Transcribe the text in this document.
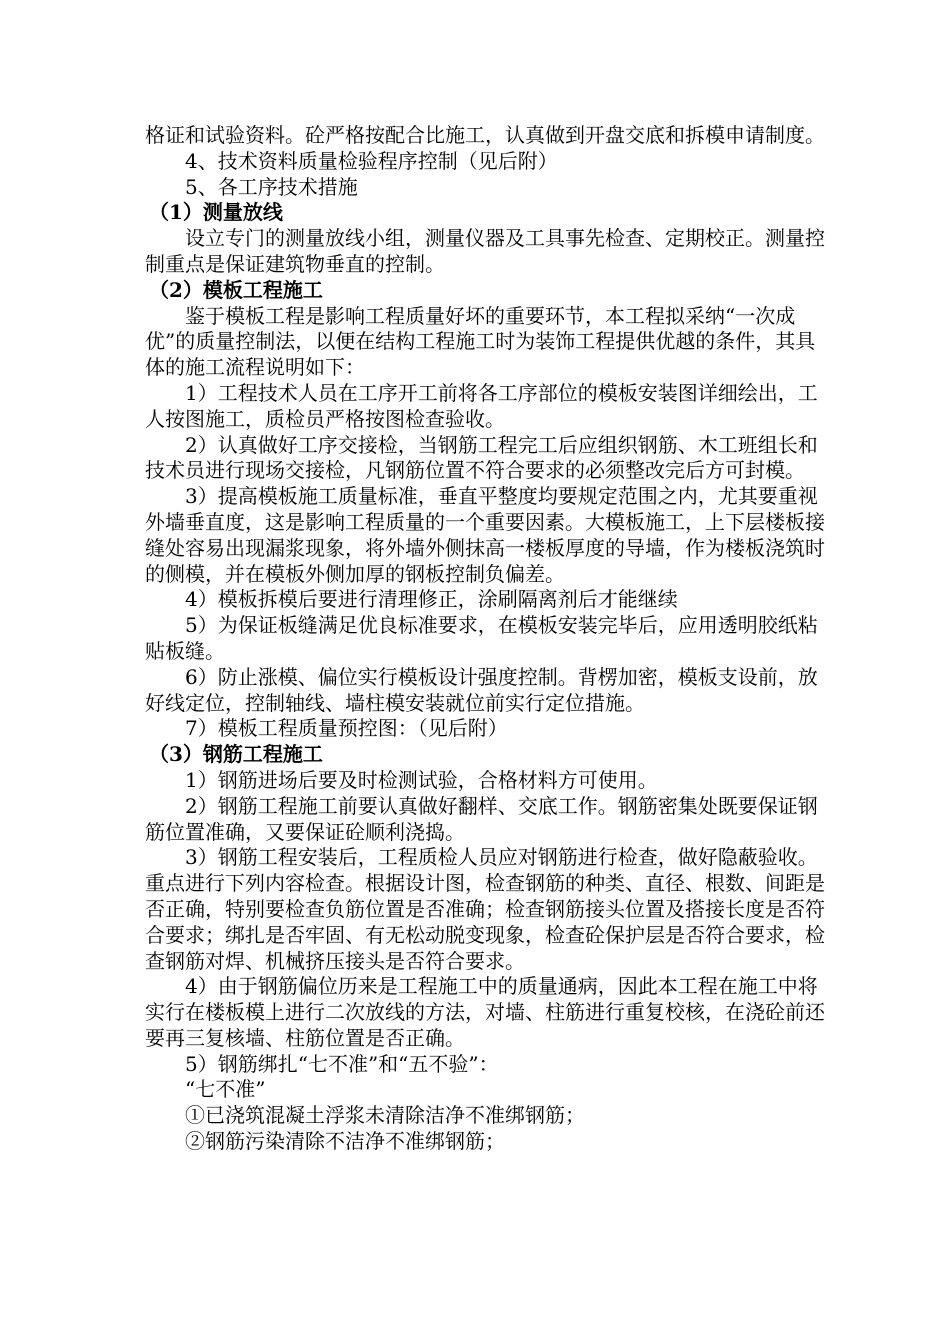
格证和试验资料。砼严格按配合比施工，认真做到开盘交底和拆模申请制度。

4、技术资料质量检验程序控制（见后附）

5、各工序技术措施

（1）测量放线

设立专门的测量放线小组，测量仪器及工具事先检查、定期校正。测量控制重点是保证建筑物垂直的控制。

（2）模板工程施工

鉴于模板工程是影响工程质量好坏的重要环节，本工程拟采纳“一次成优”的质量控制法，以便在结构工程施工时为装饰工程提供优越的条件，其具体的施工流程说明如下：

1）工程技术人员在工序开工前将各工序部位的模板安装图详细绘出，工人按图施工，质检员严格按图检查验收。

2）认真做好工序交接检，当钢筋工程完工后应组织钢筋、木工班组长和技术员进行现场交接检，凡钢筋位置不符合要求的必须整改完后方可封模。

3）提高模板施工质量标准，垂直平整度均要规定范围之内，尤其要重视外墙垂直度，这是影响工程质量的一个重要因素。大模板施工，上下层楼板接缝处容易出现漏浆现象，将外墙外侧抹高一楼板厚度的导墙，作为楼板浇筑时的侧模，并在模板外侧加厚的钢板控制负偏差。

4）模板拆模后要进行清理修正，涂刷隔离剂后才能继续

5）为保证板缝满足优良标准要求，在模板安装完毕后，应用透明胶纸粘贴板缝。

6）防止涨模、偏位实行模板设计强度控制。背楞加密，模板支设前，放好线定位，控制轴线、墙柱模安装就位前实行定位措施。

7）模板工程质量预控图：（见后附）

（3）钢筋工程施工

1）钢筋进场后要及时检测试验，合格材料方可使用。

2）钢筋工程施工前要认真做好翻样、交底工作。钢筋密集处既要保证钢筋位置准确，又要保证砼顺利浇捣。

3）钢筋工程安装后，工程质检人员应对钢筋进行检查，做好隐蔽验收。重点进行下列内容检查。根据设计图，检查钢筋的种类、直径、根数、间距是否正确，特别要检查负筋位置是否准确；检查钢筋接头位置及搭接长度是否符合要求；绑扎是否牢固、有无松动脱变现象，检查砼保护层是否符合要求，检查钢筋对焊、机械挤压接头是否符合要求。

4）由于钢筋偏位历来是工程施工中的质量通病，因此本工程在施工中将实行在楼板模上进行二次放线的方法，对墙、柱筋进行重复校核，在浇砼前还要再三复核墙、柱筋位置是否正确。

5）钢筋绑扎“七不准”和“五不验”：

“七不准”

①已浇筑混凝土浮浆未清除洁净不准绑钢筋；

②钢筋污染清除不洁净不准绑钢筋；
